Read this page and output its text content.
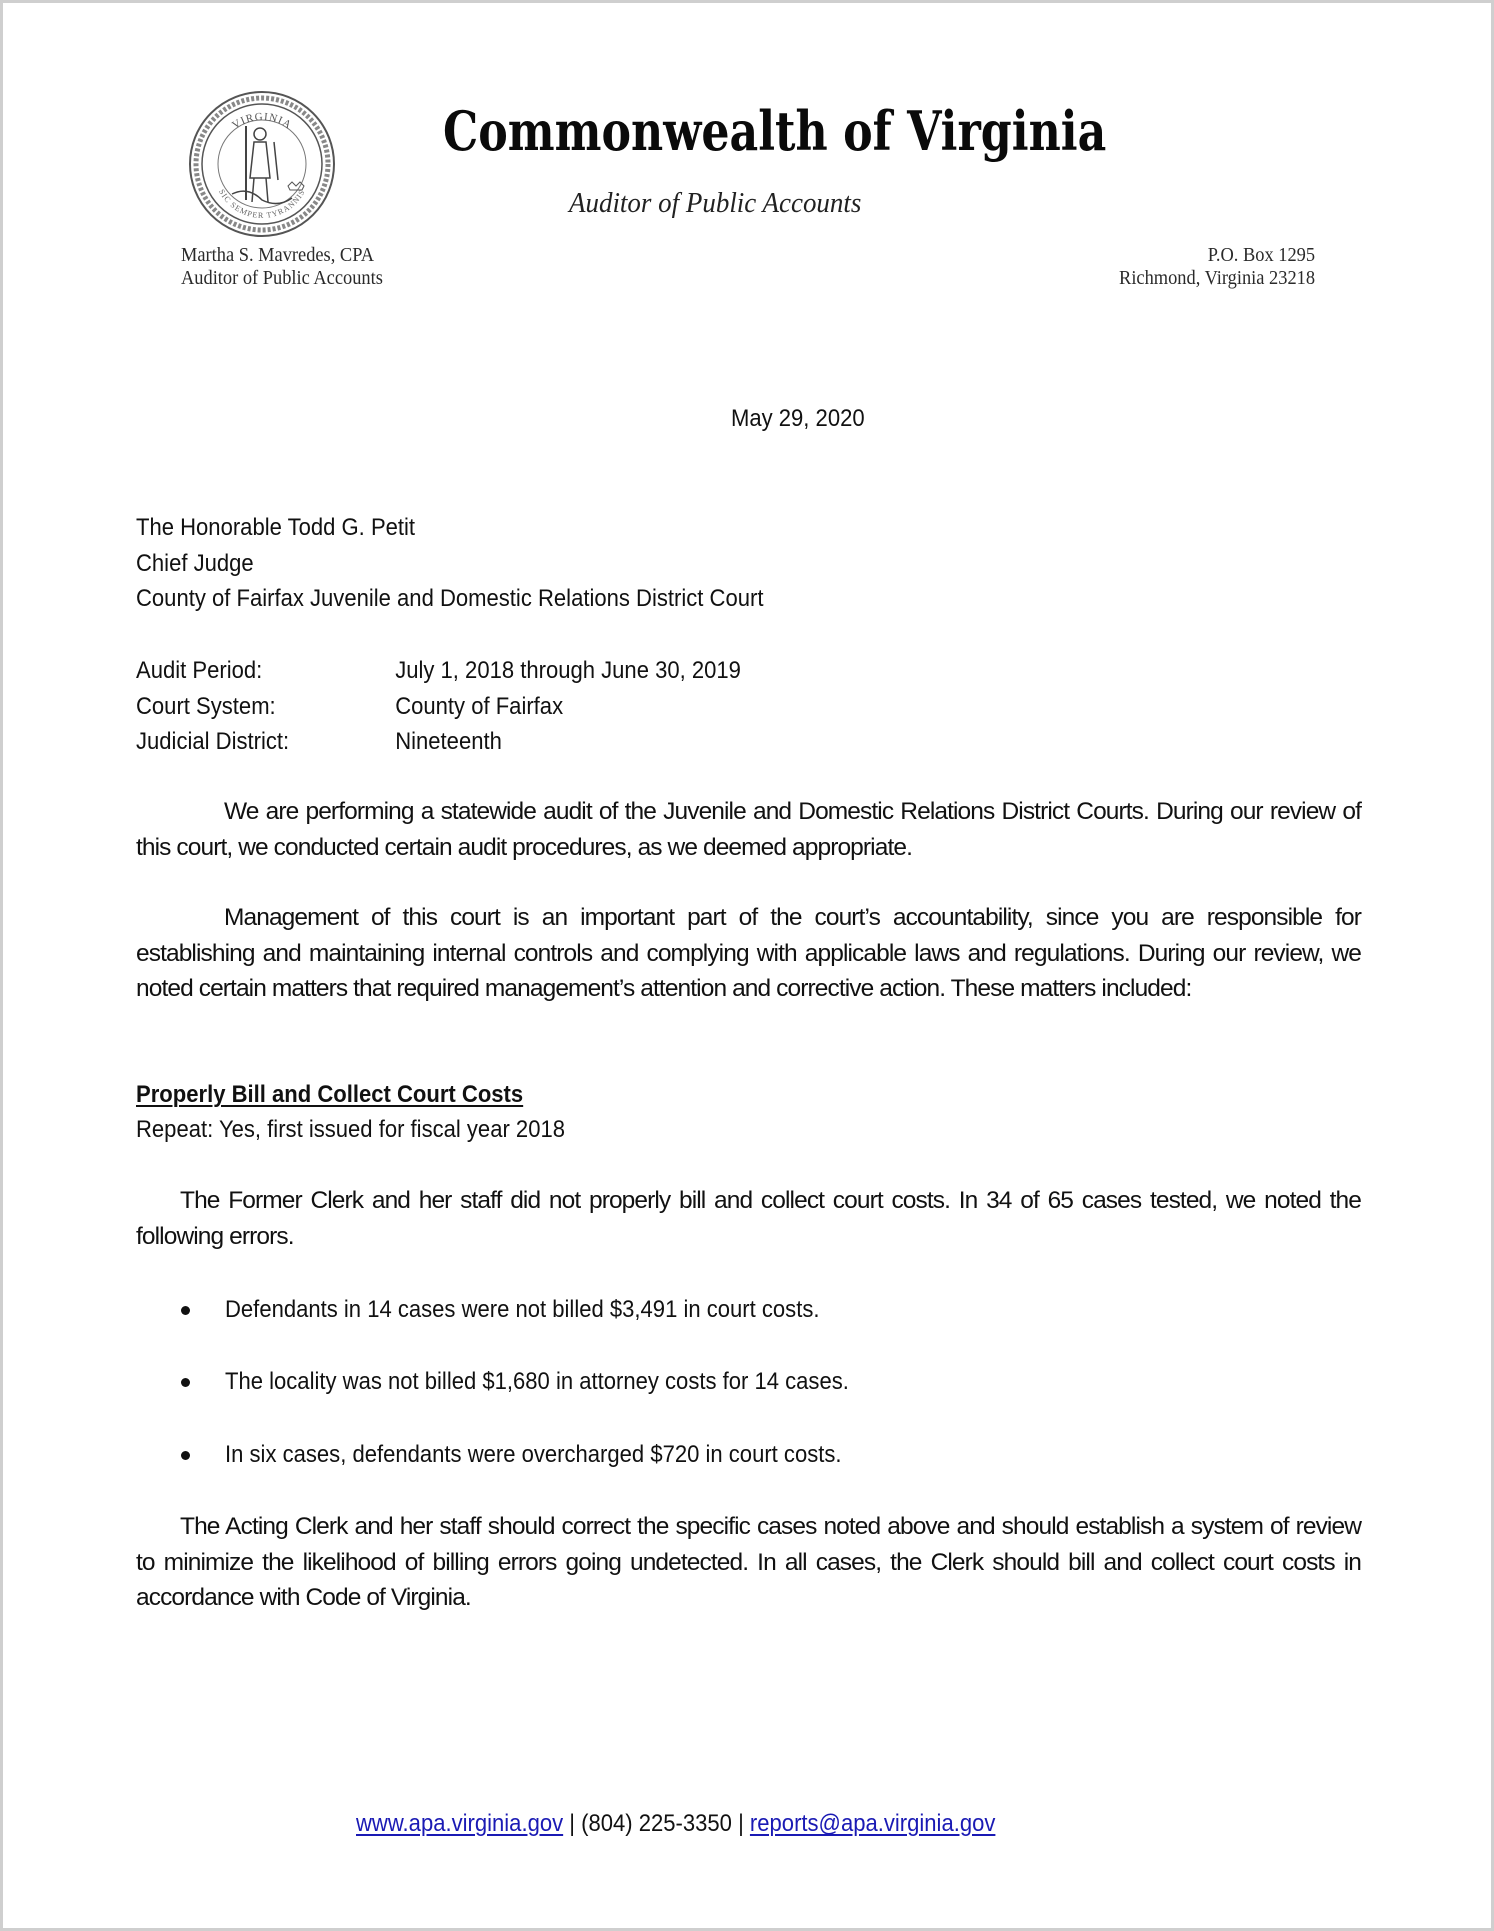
VIRGINIA
SIC SEMPER TYRANNIS
Commonwealth of Virginia
Auditor of Public Accounts
Martha S. Mavredes, CPA
Auditor of Public Accounts
P.O. Box 1295
Richmond, Virginia 23218
May 29, 2020
The Honorable Todd G. Petit
Chief Judge
County of Fairfax Juvenile and Domestic Relations District Court
Audit Period:	July 1, 2018 through June 30, 2019
Court System:	County of Fairfax
Judicial District:	Nineteenth
We are performing a statewide audit of the Juvenile and Domestic Relations District Courts. During our review of this court, we conducted certain audit procedures, as we deemed appropriate.
Management of this court is an important part of the court’s accountability, since you are responsible for establishing and maintaining internal controls and complying with applicable laws and regulations. During our review, we noted certain matters that required management’s attention and corrective action. These matters included:
Properly Bill and Collect Court Costs
Repeat: Yes, first issued for fiscal year 2018
The Former Clerk and her staff did not properly bill and collect court costs. In 34 of 65 cases tested, we noted the following errors.
Defendants in 14 cases were not billed $3,491 in court costs.
The locality was not billed $1,680 in attorney costs for 14 cases.
In six cases, defendants were overcharged $720 in court costs.
The Acting Clerk and her staff should correct the specific cases noted above and should establish a system of review to minimize the likelihood of billing errors going undetected. In all cases, the Clerk should bill and collect court costs in accordance with Code of Virginia.
www.apa.virginia.gov | (804) 225-3350 | reports@apa.virginia.gov
